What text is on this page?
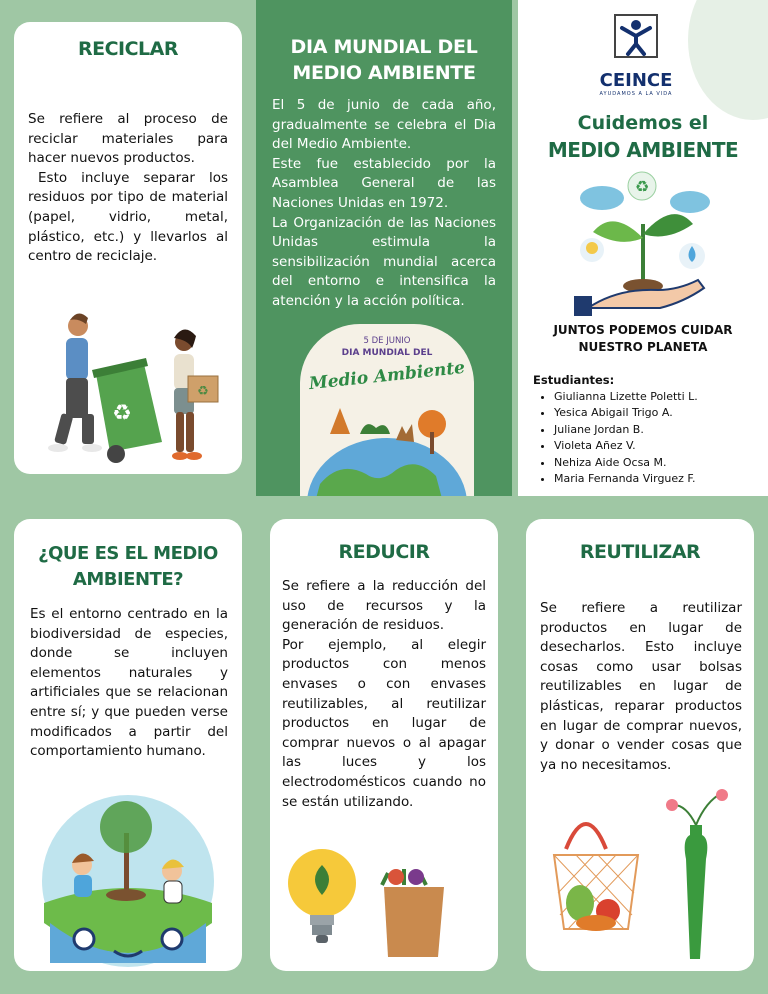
RECICLAR

Se refiere al proceso de reciclar materiales para hacer nuevos productos.

Esto incluye separar los residuos por tipo de material (papel, vidrio, metal, plástico, etc.) y llevarlos al centro de reciclaje.

♻
♻
DIA MUNDIAL DEL MEDIO AMBIENTE

El 5 de junio de cada año, gradualmente se celebra el Dia del Medio Ambiente.

Este fue establecido por la Asamblea General de las Naciones Unidas en 1972.

La Organización de las Naciones Unidas estimula la sensibilización mundial acerca del entorno e intensifica la atención y la acción política.

5 DE JUNIO
DIA MUNDIAL DEL
Medio Ambiente
CEINCE
AYUDAMOS A LA VIDA
Cuidemos el
MEDIO AMBIENTE
♻
JUNTOS PODEMOS CUIDAR NUESTRO PLANETA
Estudiantes:
• Giulianna Lizette Poletti L.
• Yesica Abigail Trigo A.
• Juliane Jordan B.
• Violeta Añez V.
• Nehiza Aide Ocsa M.
• Maria Fernanda Virguez F.
¿QUE ES EL MEDIO AMBIENTE?

Es el entorno centrado en la biodiversidad de especies, donde se incluyen elementos naturales y artificiales que se relacionan entre sí; y que pueden verse modificados a partir del comportamiento humano.

REDUCIR

Se refiere a la reducción del uso de recursos y la generación de residuos.

Por ejemplo, al elegir productos con menos envases o con envases reutilizables, al reutilizar productos en lugar de comprar nuevos o al apagar las luces y los electrodomésticos cuando no se están utilizando.

REUTILIZAR

Se refiere a reutilizar productos en lugar de desecharlos. Esto incluye cosas como usar bolsas reutilizables en lugar de plásticas, reparar productos en lugar de comprar nuevos, y donar o vender cosas que ya no necesitamos.
